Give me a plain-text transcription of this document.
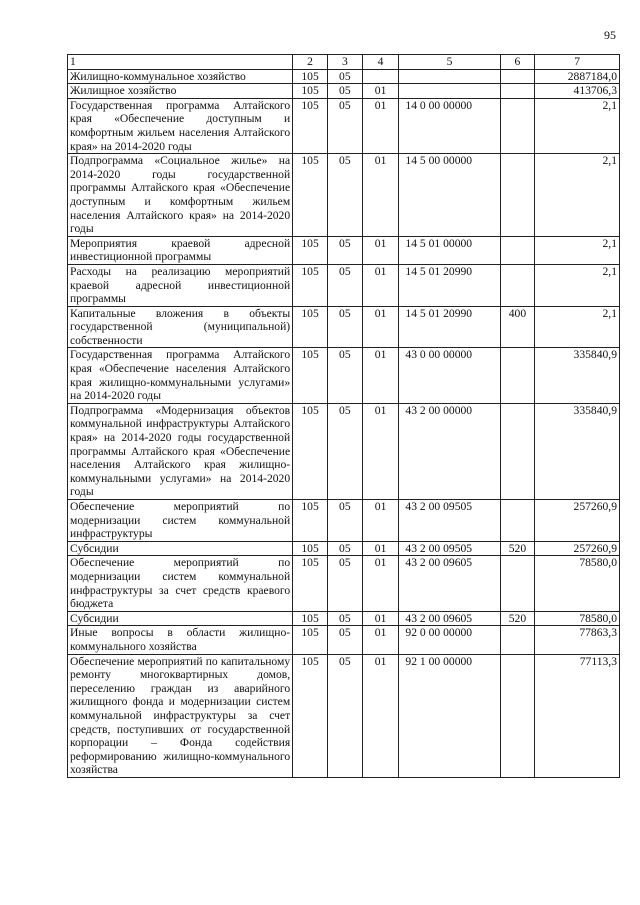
95
1	2	3	4	5	6	7
Жилищно-коммунальное хозяйство	105	05				2887184,0
Жилищное хозяйство	105	05	01			413706,3
Государственная программа Алтайского края «Обеспечение доступным и комфортным жильем населения Алтайского края» на 2014-2020 годы	105	05	01	14 0 00 00000		2,1
Подпрограмма «Социальное жилье» на 2014-2020 годы государственной программы Алтайского края «Обеспечение доступным и комфортным жильем населения Алтайского края» на 2014-2020 годы	105	05	01	14 5 00 00000		2,1
Мероприятия краевой адресной инвестиционной программы	105	05	01	14 5 01 00000		2,1
Расходы на реализацию мероприятий краевой адресной инвестиционной программы	105	05	01	14 5 01 20990		2,1
Капитальные вложения в объекты государственной (муниципальной) собственности	105	05	01	14 5 01 20990	400	2,1
Государственная программа Алтайского края «Обеспечение населения Алтайского края жилищно-коммунальными услугами» на 2014-2020 годы	105	05	01	43 0 00 00000		335840,9
Подпрограмма «Модернизация объектов коммунальной инфраструктуры Алтайского края» на 2014-2020 годы государственной программы Алтайского края «Обеспечение населения Алтайского края жилищно-коммунальными услугами» на 2014-2020 годы	105	05	01	43 2 00 00000		335840,9
Обеспечение мероприятий по модернизации систем коммунальной инфраструктуры	105	05	01	43 2 00 09505		257260,9
Субсидии	105	05	01	43 2 00 09505	520	257260,9
Обеспечение мероприятий по модернизации систем коммунальной инфраструктуры за счет средств краевого бюджета	105	05	01	43 2 00 09605		78580,0
Субсидии	105	05	01	43 2 00 09605	520	78580,0
Иные вопросы в области жилищно-коммунального хозяйства	105	05	01	92 0 00 00000		77863,3
Обеспечение мероприятий по капитальному ремонту многоквартирных домов, переселению граждан из аварийного жилищного фонда и модернизации систем коммунальной инфраструктуры за счет средств, поступивших от государственной корпорации – Фонда содействия реформированию жилищно-коммунального хозяйства	105	05	01	92 1 00 00000		77113,3
